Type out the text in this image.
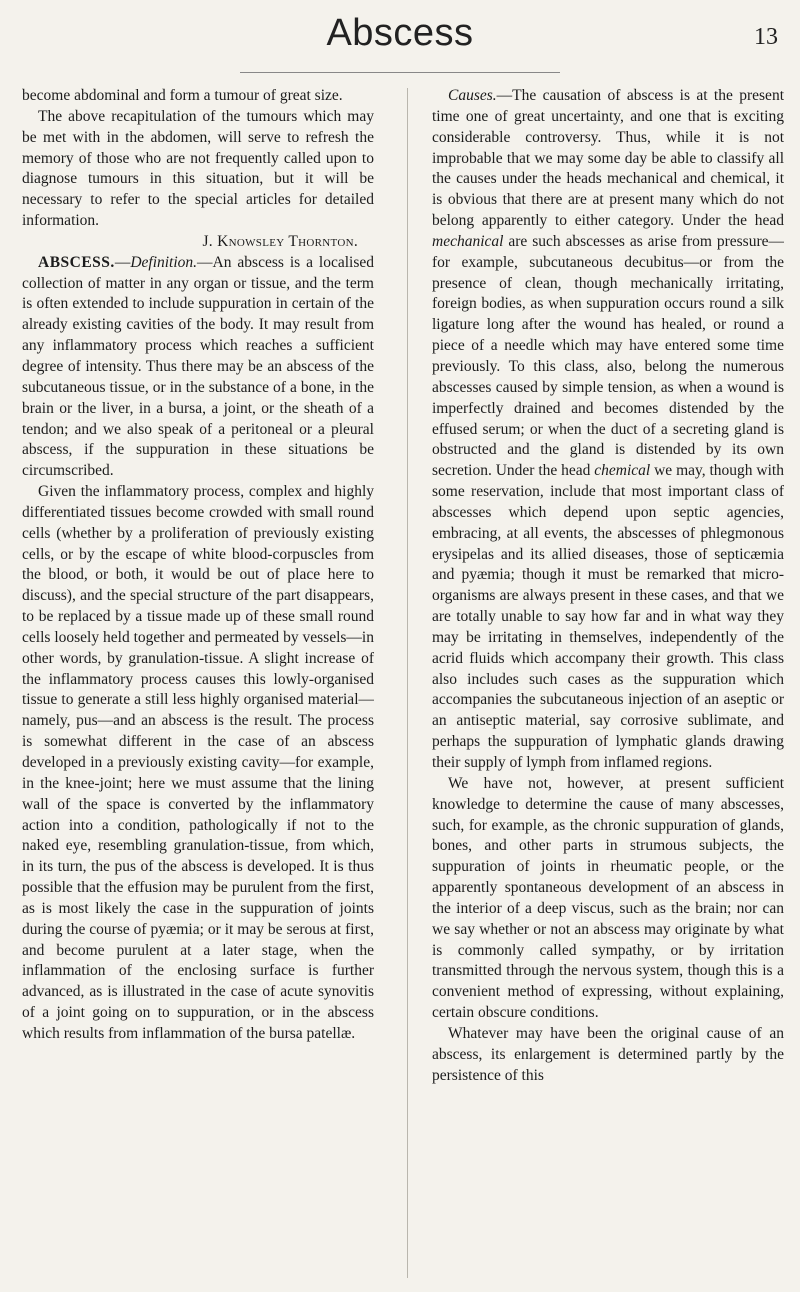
Abscess	13

become abdominal and form a tumour of great size.

The above recapitulation of the tumours which may be met with in the abdomen, will serve to refresh the memory of those who are not frequently called upon to diagnose tumours in this situation, but it will be necessary to refer to the special articles for detailed information.

J. Knowsley Thornton.

ABSCESS.—Definition.—An abscess is a localised collection of matter in any organ or tissue, and the term is often extended to include suppuration in certain of the already existing cavities of the body. It may result from any inflammatory process which reaches a sufficient degree of intensity. Thus there may be an abscess of the subcutaneous tissue, or in the substance of a bone, in the brain or the liver, in a bursa, a joint, or the sheath of a tendon; and we also speak of a peritoneal or a pleural abscess, if the suppuration in these situations be circumscribed.

Given the inflammatory process, complex and highly differentiated tissues become crowded with small round cells (whether by a proliferation of previously existing cells, or by the escape of white blood-corpuscles from the blood, or both, it would be out of place here to discuss), and the special structure of the part disappears, to be replaced by a tissue made up of these small round cells loosely held together and permeated by vessels—in other words, by granulation-tissue. A slight increase of the inflammatory process causes this lowly-organised tissue to generate a still less highly organised material—namely, pus—and an abscess is the result. The process is somewhat different in the case of an abscess developed in a previously existing cavity—for example, in the knee-joint; here we must assume that the lining wall of the space is converted by the inflammatory action into a condition, pathologically if not to the naked eye, resembling granulation-tissue, from which, in its turn, the pus of the abscess is developed. It is thus possible that the effusion may be purulent from the first, as is most likely the case in the suppuration of joints during the course of pyæmia; or it may be serous at first, and become purulent at a later stage, when the inflammation of the enclosing surface is further advanced, as is illustrated in the case of acute synovitis of a joint going on to suppuration, or in the abscess which results from inflammation of the bursa patellæ.

Causes.—The causation of abscess is at the present time one of great uncertainty, and one that is exciting considerable controversy. Thus, while it is not improbable that we may some day be able to classify all the causes under the heads mechanical and chemical, it is obvious that there are at present many which do not belong apparently to either category. Under the head mechanical are such abscesses as arise from pressure—for example, subcutaneous decubitus—or from the presence of clean, though mechanically irritating, foreign bodies, as when suppuration occurs round a silk ligature long after the wound has healed, or round a piece of a needle which may have entered some time previously. To this class, also, belong the numerous abscesses caused by simple tension, as when a wound is imperfectly drained and becomes distended by the effused serum; or when the duct of a secreting gland is obstructed and the gland is distended by its own secretion. Under the head chemical we may, though with some reservation, include that most important class of abscesses which depend upon septic agencies, embracing, at all events, the abscesses of phlegmonous erysipelas and its allied diseases, those of septicæmia and pyæmia; though it must be remarked that micro-organisms are always present in these cases, and that we are totally unable to say how far and in what way they may be irritating in themselves, independently of the acrid fluids which accompany their growth. This class also includes such cases as the suppuration which accompanies the subcutaneous injection of an aseptic or an antiseptic material, say corrosive sublimate, and perhaps the suppuration of lymphatic glands drawing their supply of lymph from inflamed regions.

We have not, however, at present sufficient knowledge to determine the cause of many abscesses, such, for example, as the chronic suppuration of glands, bones, and other parts in strumous subjects, the suppuration of joints in rheumatic people, or the apparently spontaneous development of an abscess in the interior of a deep viscus, such as the brain; nor can we say whether or not an abscess may originate by what is commonly called sympathy, or by irritation transmitted through the nervous system, though this is a convenient method of expressing, without explaining, certain obscure conditions.

Whatever may have been the original cause of an abscess, its enlargement is determined partly by the persistence of this
